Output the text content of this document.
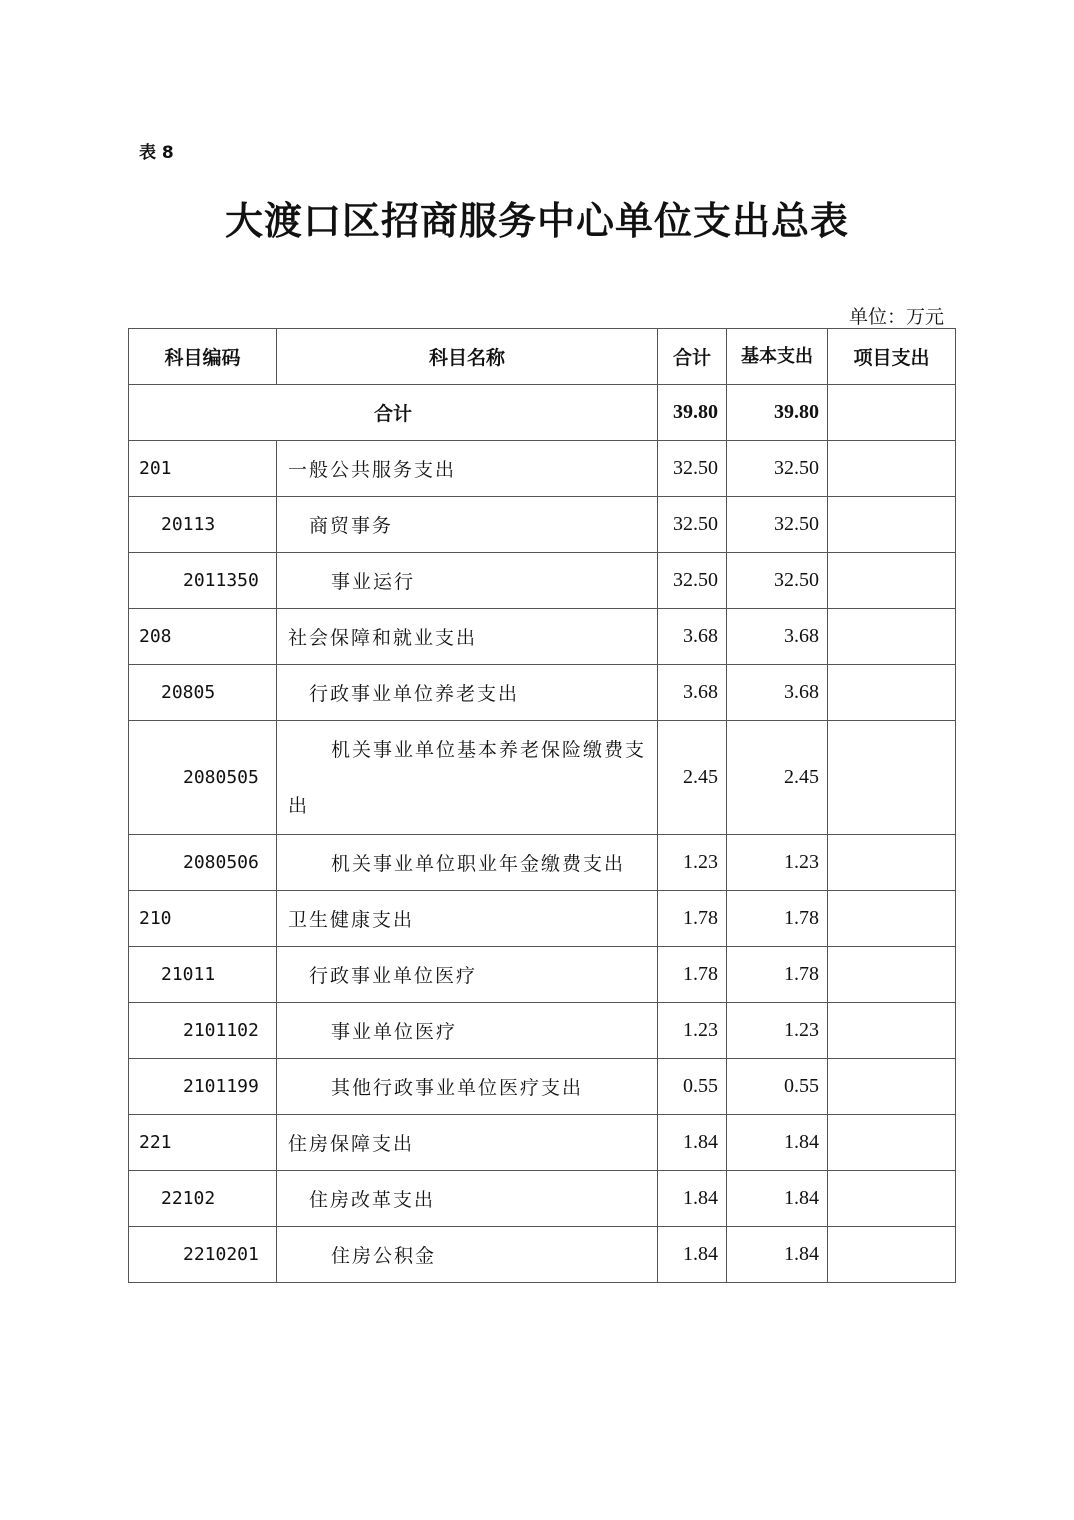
表 8
大渡口区招商服务中心单位支出总表
单位：万元
科目编码	科目名称	合计	基本支出	项目支出
合计		39.80	39.80	
201	一般公共服务支出	32.50	32.50	
20113	商贸事务	32.50	32.50	
2011350	事业运行	32.50	32.50	
208	社会保障和就业支出	3.68	3.68	
20805	行政事业单位养老支出	3.68	3.68	
2080505	机关事业单位基本养老保险缴费支出	2.45	2.45	
2080506	机关事业单位职业年金缴费支出	1.23	1.23	
210	卫生健康支出	1.78	1.78	
21011	行政事业单位医疗	1.78	1.78	
2101102	事业单位医疗	1.23	1.23	
2101199	其他行政事业单位医疗支出	0.55	0.55	
221	住房保障支出	1.84	1.84	
22102	住房改革支出	1.84	1.84	
2210201	住房公积金	1.84	1.84	
